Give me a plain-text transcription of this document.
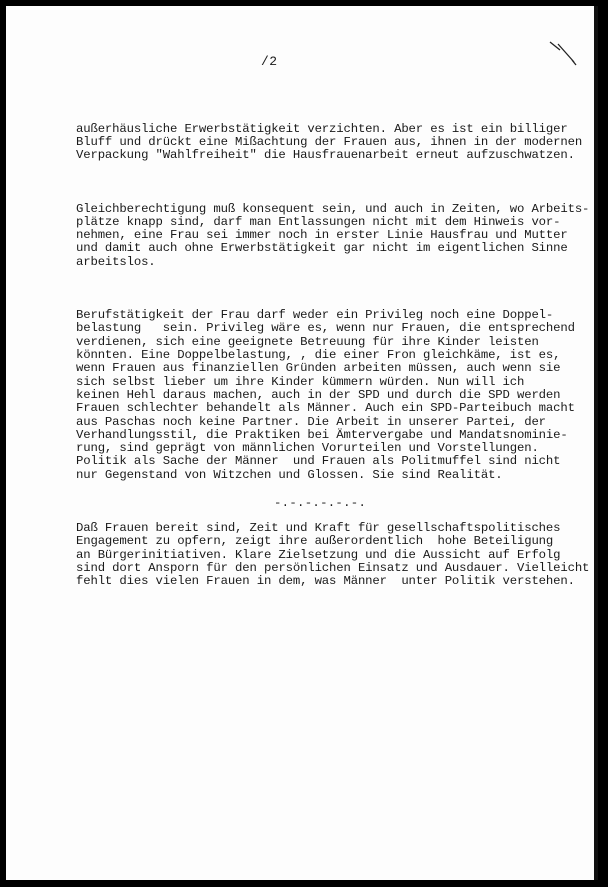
/2

außerhäusliche Erwerbstätigkeit verzichten. Aber es ist ein billiger
Bluff und drückt eine Mißachtung der Frauen aus, ihnen in der modernen
Verpackung "Wahlfreiheit" die Hausfrauenarbeit erneut aufzuschwatzen.

Gleichberechtigung muß konsequent sein, und auch in Zeiten, wo Arbeits-
plätze knapp sind, darf man Entlassungen nicht mit dem Hinweis vor-
nehmen, eine Frau sei immer noch in erster Linie Hausfrau und Mutter
und damit auch ohne Erwerbstätigkeit gar nicht im eigentlichen Sinne
arbeitslos.

Berufstätigkeit der Frau darf weder ein Privileg noch eine Doppel-
belastung   sein. Privileg wäre es, wenn nur Frauen, die entsprechend
verdienen, sich eine geeignete Betreuung für ihre Kinder leisten
könnten. Eine Doppelbelastung, , die einer Fron gleichkäme, ist es,
wenn Frauen aus finanziellen Gründen arbeiten müssen, auch wenn sie
sich selbst lieber um ihre Kinder kümmern würden. Nun will ich
keinen Hehl daraus machen, auch in der SPD und durch die SPD werden
Frauen schlechter behandelt als Männer. Auch ein SPD-Parteibuch macht
aus Paschas noch keine Partner. Die Arbeit in unserer Partei, der
Verhandlungsstil, die Praktiken bei Ämtervergabe und Mandatsnominie-
rung, sind geprägt von männlichen Vorurteilen und Vorstellungen.
Politik als Sache der Männer  und Frauen als Politmuffel sind nicht
nur Gegenstand von Witzchen und Glossen. Sie sind Realität.

Daß Frauen bereit sind, Zeit und Kraft für gesellschaftspolitisches
Engagement zu opfern, zeigt ihre außerordentlich  hohe Beteiligung
an Bürgerinitiativen. Klare Zielsetzung und die Aussicht auf Erfolg
sind dort Ansporn für den persönlichen Einsatz und Ausdauer. Vielleicht
fehlt dies vielen Frauen in dem, was Männer  unter Politik verstehen.

-.-.-.-.-.-.
